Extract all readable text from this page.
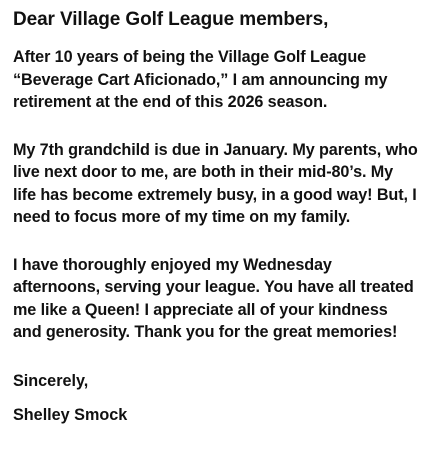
Dear Village Golf League members,

After 10 years of being the Village Golf League “Beverage Cart Aficionado,” I am announcing my retirement at the end of this 2026 season.

My 7th grandchild is due in January. My parents, who live next door to me, are both in their mid-80’s. My life has become extremely busy, in a good way! But, I need to focus more of my time on my family.

I have thoroughly enjoyed my Wednesday afternoons, serving your league. You have all treated me like a Queen! I appreciate all of your kindness and generosity. Thank you for the great memories!

Sincerely,

Shelley Smock
